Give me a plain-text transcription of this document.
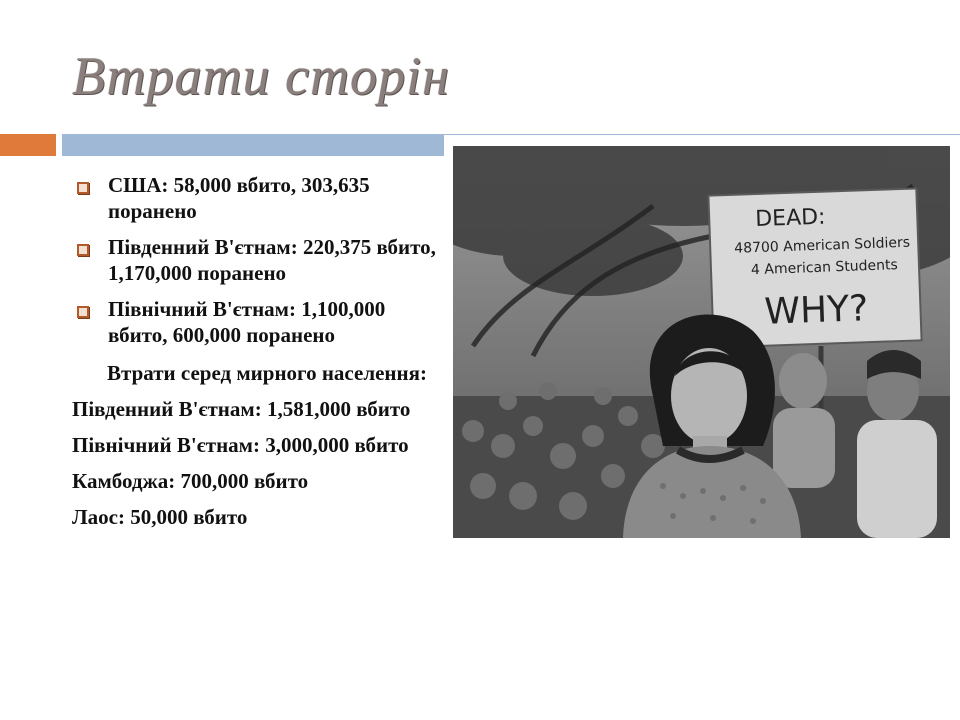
Втрати сторін
США: 58,000 вбито, 303,635 поранено
Південний В'єтнам: 220,375 вбито, 1,170,000 поранено
Північний В'єтнам: 1,100,000 вбито, 600,000 поранено
Втрати серед мирного населення:
Південний В'єтнам: 1,581,000 вбито
Північний В'єтнам: 3,000,000 вбито
Камбоджа: 700,000 вбито
Лаос: 50,000 вбито
DEAD:
48700 American Soldiers
4 American Students
WHY?
